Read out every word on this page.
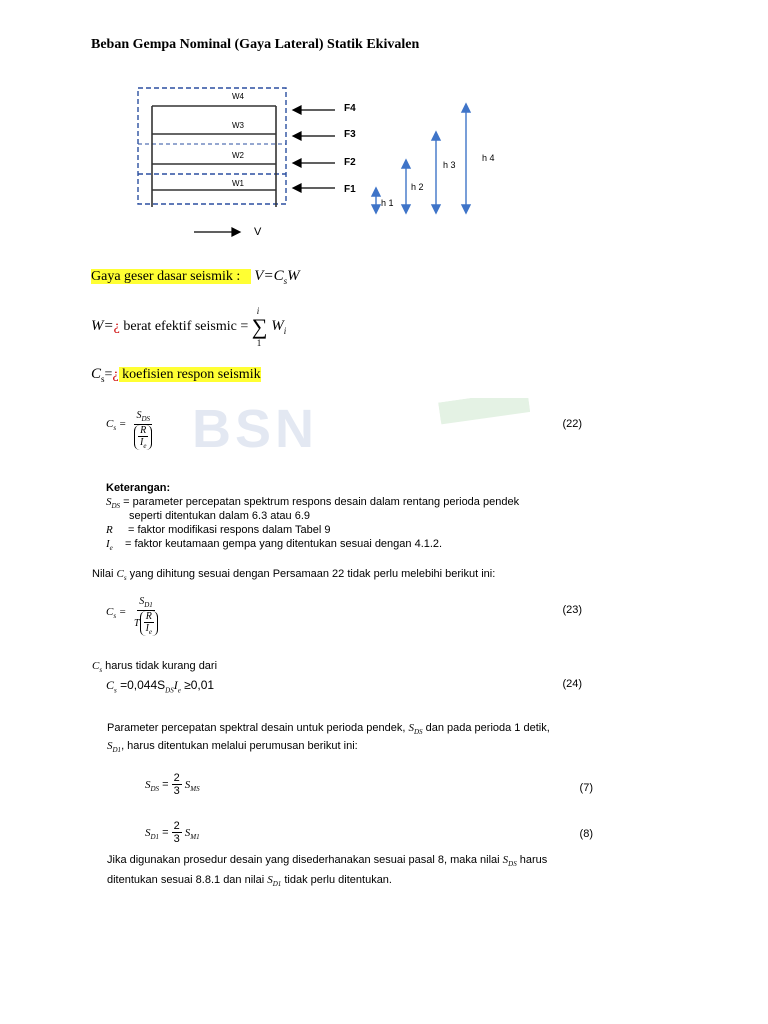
Beban Gempa Nominal (Gaya Lateral) Statik Ekivalen
W4
W3
W2
W1
F4
F3
F2
F1
h 1
h 2
h 3
h 4
V
Gaya geser dasar seismik : $V=C_sW$
W=¿ berat efektif seismic =
i
∑
1
$W_i$
$C_s=¿$ koefisien respon seismik
BSN
$C_s$ =
$S_{DS}$
$\frac{R}{I_e}$
(22)
Keterangan:
$S_{DS}$ = parameter percepatan spektrum respons desain dalam rentang perioda pendek
seperti ditentukan dalam 6.3 atau 6.9
R = faktor modifikasi respons dalam Tabel 9
$I_e$ = faktor keutamaan gempa yang ditentukan sesuai dengan 4.1.2.
Nilai $C_s$ yang dihitung sesuai dengan Persamaan 22 tidak perlu melebihi berikut ini:
$C_s$ =
$S_{D1}$
T $\frac{R}{I_e}$
(23)
$C_s$ harus tidak kurang dari
$C_s =0,044S_{DS}I_e \ge 0,01$	(24)
Parameter percepatan spektral desain untuk perioda pendek, $S_{DS}$ dan pada perioda 1 detik,
$S_{D1}$, harus ditentukan melalui perumusan berikut ini:
$S_{DS} = \frac{2}{3} S_{MS}$	(7)
$S_{D1} = \frac{2}{3} S_{M1}$	(8)
Jika digunakan prosedur desain yang disederhanakan sesuai pasal 8, maka nilai $S_{DS}$ harus
ditentukan sesuai 8.8.1 dan nilai $S_{D1}$ tidak perlu ditentukan.
